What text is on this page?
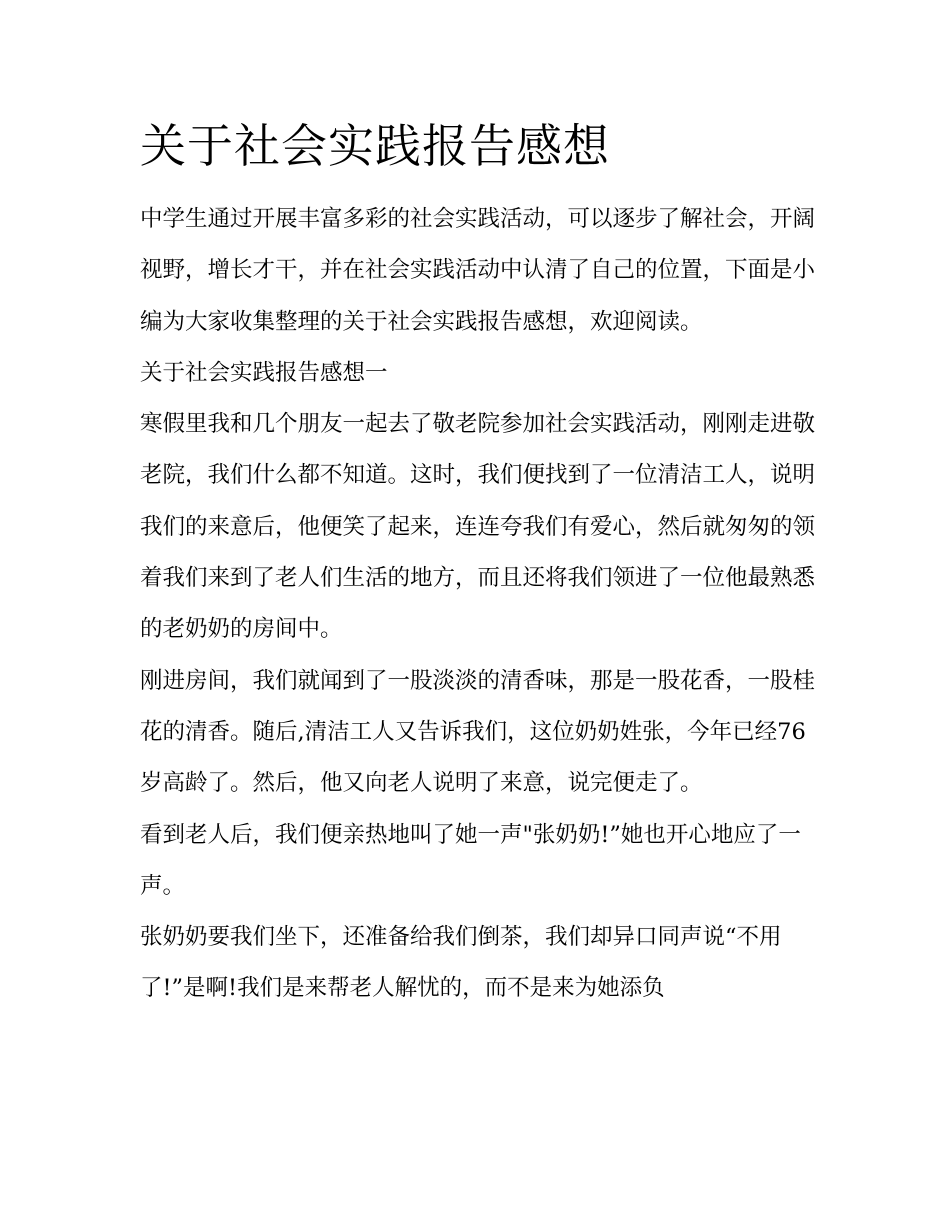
关于社会实践报告感想

中学生通过开展丰富多彩的社会实践活动，可以逐步了解社会，开阔视野，增长才干，并在社会实践活动中认清了自己的位置，下面是小编为大家收集整理的关于社会实践报告感想，欢迎阅读。

关于社会实践报告感想一

寒假里我和几个朋友一起去了敬老院参加社会实践活动，刚刚走进敬老院，我们什么都不知道。这时，我们便找到了一位清洁工人，说明我们的来意后，他便笑了起来，连连夸我们有爱心，然后就匆匆的领着我们来到了老人们生活的地方，而且还将我们领进了一位他最熟悉的老奶奶的房间中。

刚进房间，我们就闻到了一股淡淡的清香味，那是一股花香，一股桂花的清香。随后,清洁工人又告诉我们，这位奶奶姓张，今年已经76岁高龄了。然后，他又向老人说明了来意，说完便走了。

看到老人后，我们便亲热地叫了她一声"张奶奶!”她也开心地应了一声。

张奶奶要我们坐下，还准备给我们倒茶，我们却异口同声说“不用了!”是啊!我们是来帮老人解忧的，而不是来为她添负
